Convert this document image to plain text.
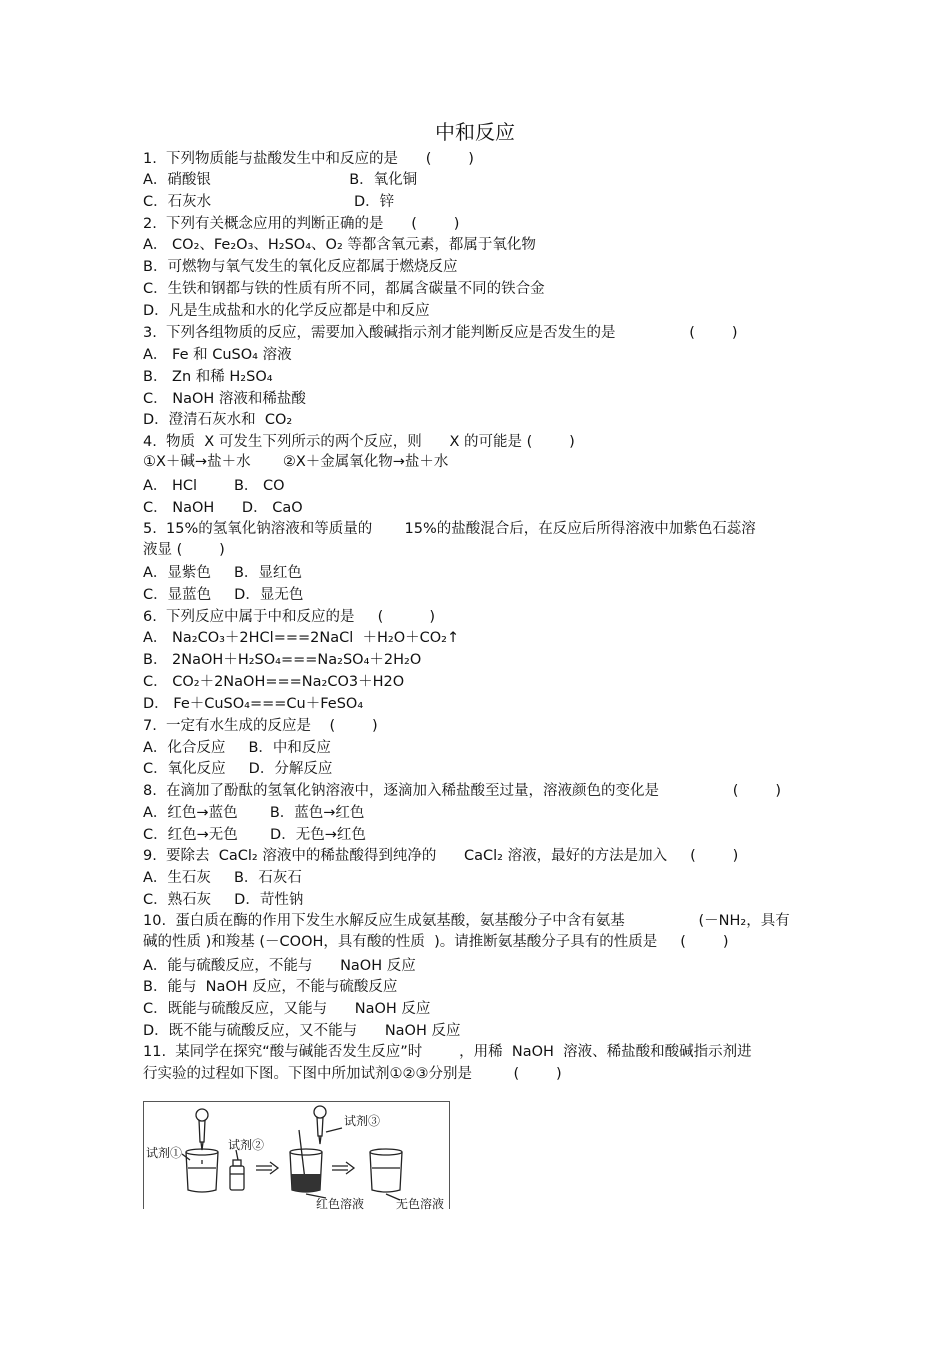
中和反应
1.  下列物质能与盐酸发生中和反应的是      (        )
A．硝酸银                              B．氧化铜
C．石灰水                               D．锌
2.  下列有关概念应用的判断正确的是      (        )
A． CO₂、Fe₂O₃、H₂SO₄、O₂ 等都含氧元素，都属于氧化物
B．可燃物与氧气发生的氧化反应都属于燃烧反应
C．生铁和钢都与铁的性质有所不同，都属含碳量不同的铁合金
D．凡是生成盐和水的化学反应都是中和反应
3.  下列各组物质的反应，需要加入酸碱指示剂才能判断反应是否发生的是                (        )
A． Fe 和 CuSO₄ 溶液
B． Zn 和稀 H₂SO₄
C． NaOH 溶液和稀盐酸
D．澄清石灰水和  CO₂
4.  物质  X 可发生下列所示的两个反应，则      X 的可能是 (        )
①X＋碱→盐＋水       ②X＋金属氧化物→盐＋水
A． HCl        B． CO
C． NaOH      D． CaO
5.  15%的氢氧化钠溶液和等质量的       15%的盐酸混合后，在反应后所得溶液中加紫色石蕊溶
液显 (        )
A．显紫色     B．显红色
C．显蓝色     D．显无色
6.  下列反应中属于中和反应的是     (          )
A． Na₂CO₃＋2HCl===2NaCl  ＋H₂O＋CO₂↑
B． 2NaOH＋H₂SO₄===Na₂SO₄＋2H₂O
C． CO₂＋2NaOH===Na₂CO3＋H2O
D． Fe＋CuSO₄===Cu＋FeSO₄
7.  一定有水生成的反应是    (        )
A．化合反应     B．中和反应
C．氧化反应     D．分解反应
8.  在滴加了酚酞的氢氧化钠溶液中，逐滴加入稀盐酸至过量，溶液颜色的变化是                (        )
A．红色→蓝色       B．蓝色→红色
C．红色→无色       D．无色→红色
9.  要除去  CaCl₂ 溶液中的稀盐酸得到纯净的      CaCl₂ 溶液，最好的方法是加入     (        )
A．生石灰     B．石灰石
C．熟石灰     D．苛性钠
10.  蛋白质在酶的作用下发生水解反应生成氨基酸，氨基酸分子中含有氨基                (－NH₂，具有
碱的性质 )和羧基 (－COOH，具有酸的性质  )。请推断氨基酸分子具有的性质是     (        )
A．能与硫酸反应，不能与      NaOH 反应
B．能与  NaOH 反应，不能与硫酸反应
C．既能与硫酸反应，又能与      NaOH 反应
D．既不能与硫酸反应，又不能与      NaOH 反应
11.  某同学在探究“酸与碱能否发生反应”时        ，用稀  NaOH  溶液、稀盐酸和酸碱指示剂进
行实验的过程如下图。下图中所加试剂①②③分别是         (        )
试剂①
试剂②
试剂③
红色溶液	无色溶液
